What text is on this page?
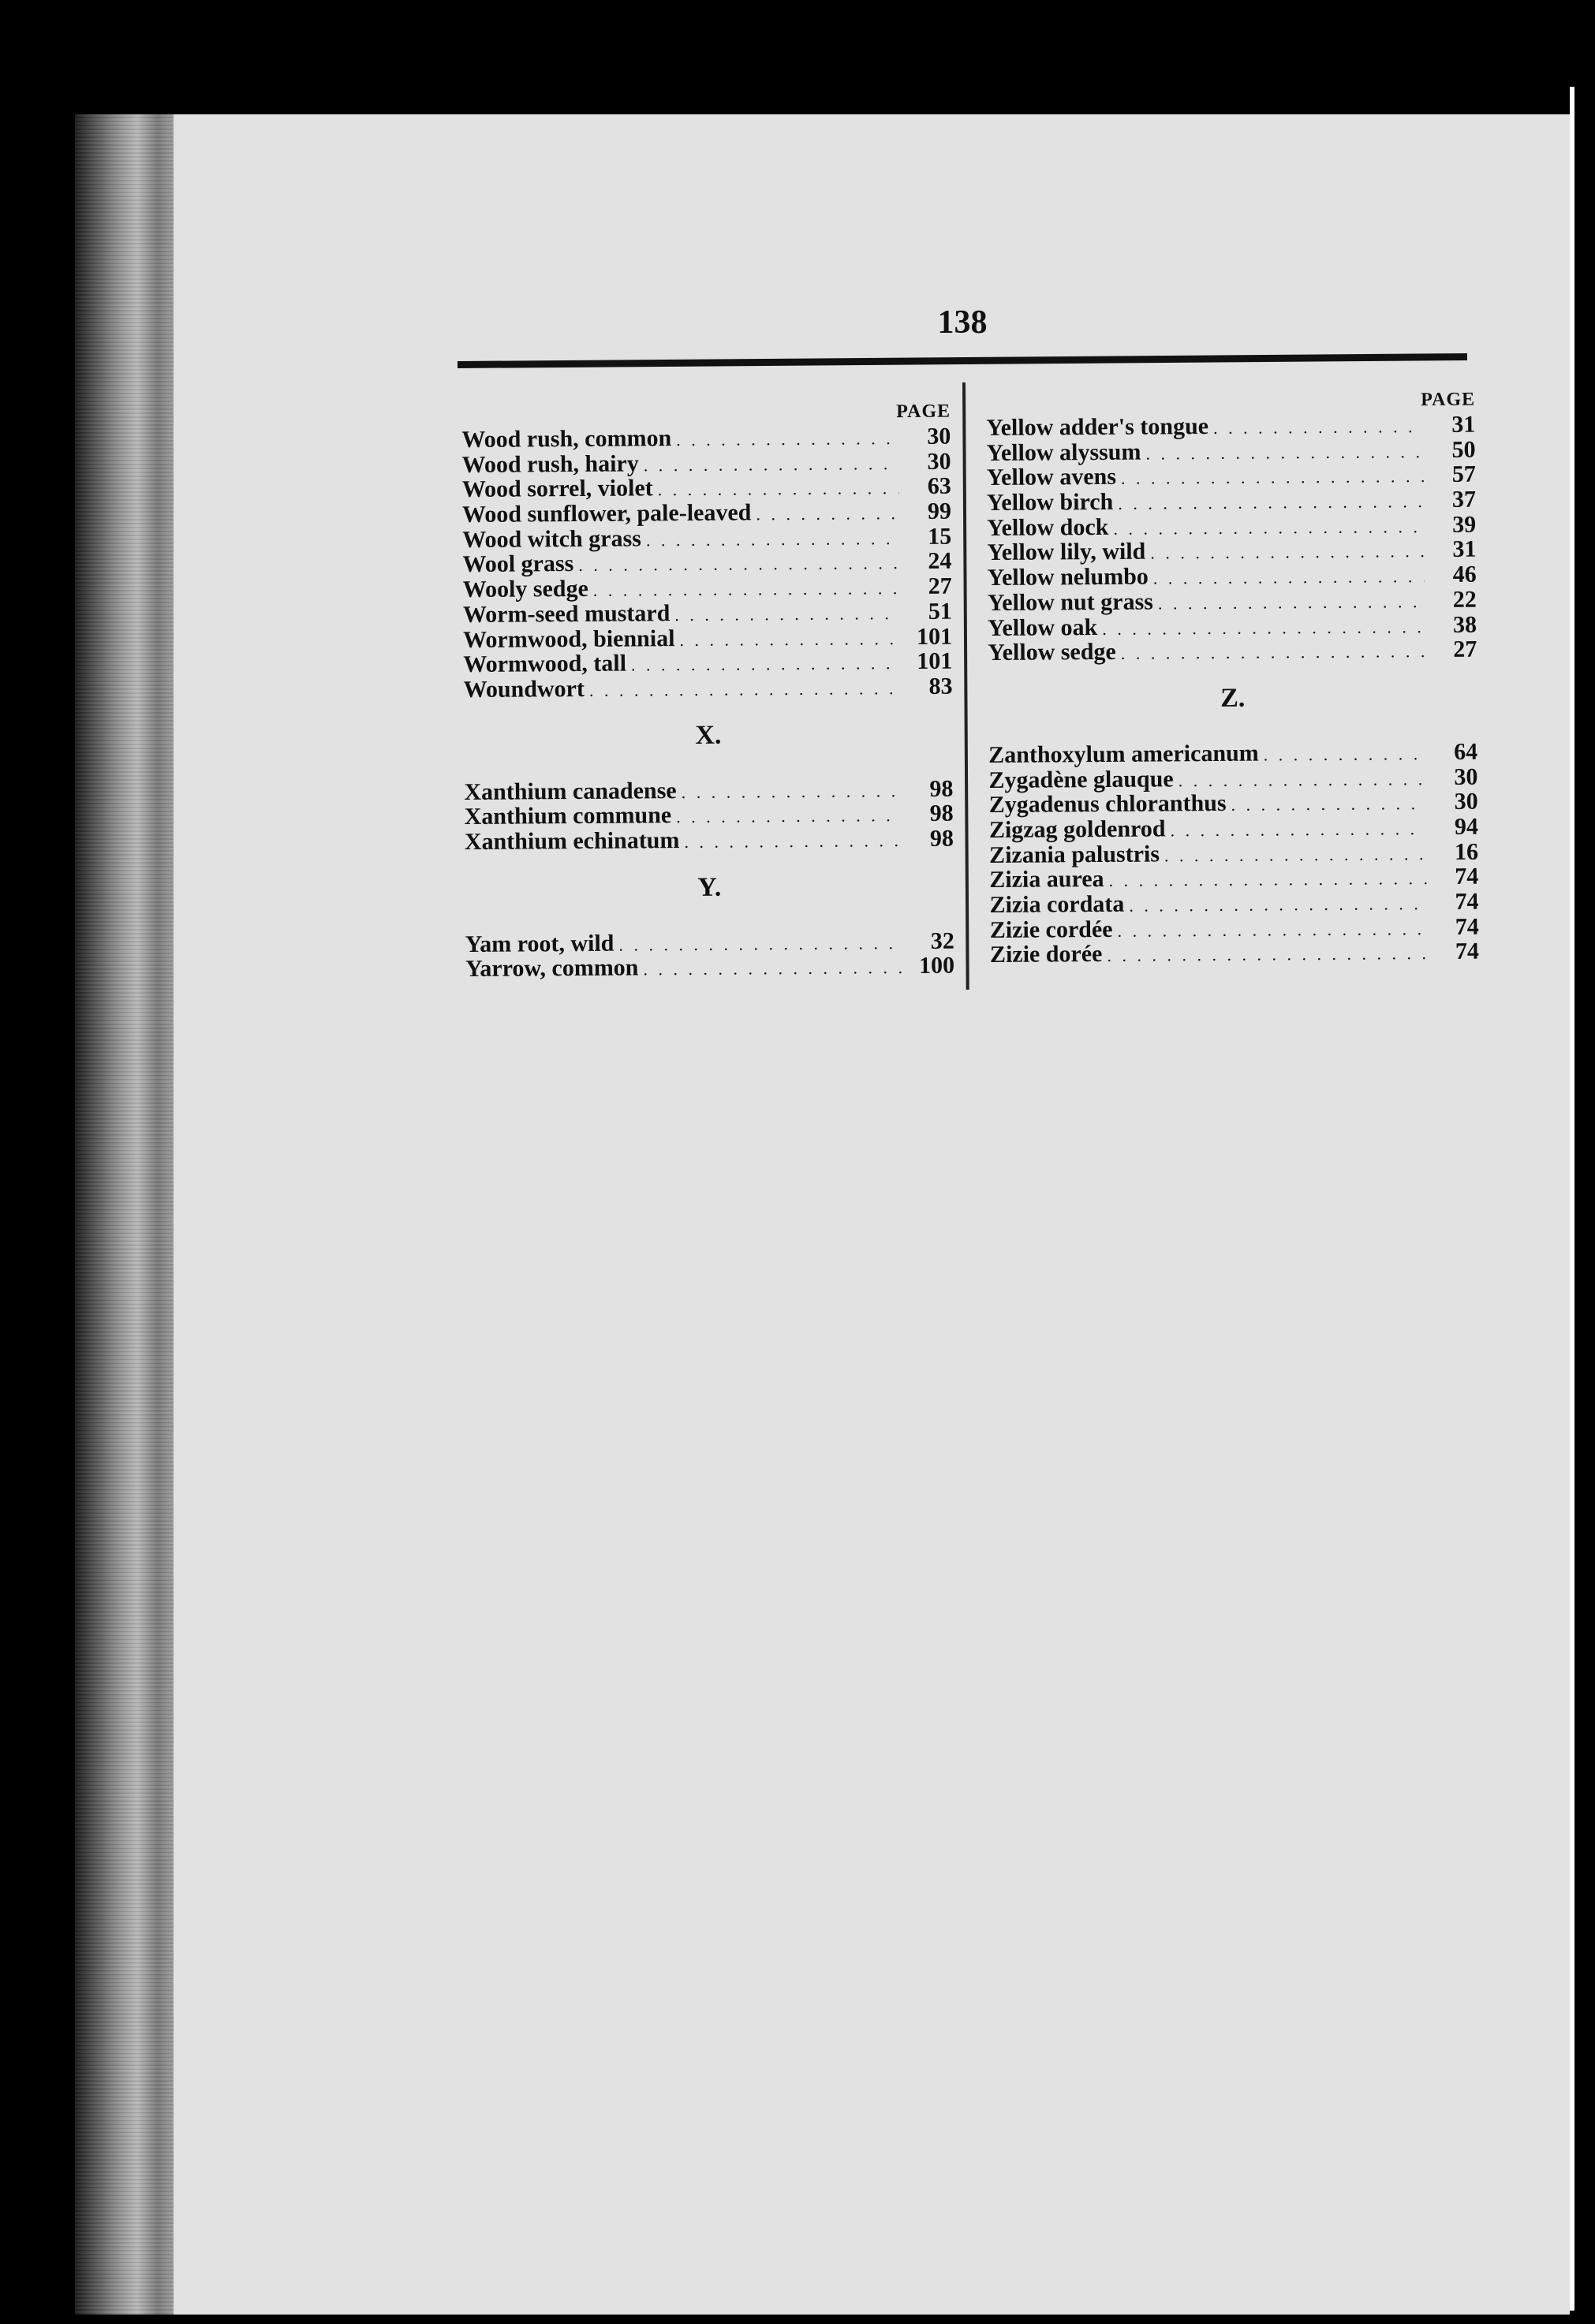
138
PAGE
Wood rush, common . . .	30
Wood rush, hairy . . .	30
Wood sorrel, violet . . .	63
Wood sunflower, pale-leaved . . .	99
Wood witch grass . . .	15
Wool grass . . .	24
Wooly sedge . . .	27
Worm-seed mustard . . .	51
Wormwood, biennial . . .	101
Wormwood, tall . . .	101
Woundwort . . .	83
X.
Xanthium canadense . . .	98
Xanthium commune . . .	98
Xanthium echinatum . . .	98
Y.
Yam root, wild . . .	32
Yarrow, common . . .	100
PAGE
Yellow adder's tongue . . .	31
Yellow alyssum . . .	50
Yellow avens . . .	57
Yellow birch . . .	37
Yellow dock . . .	39
Yellow lily, wild . . .	31
Yellow nelumbo . . .	46
Yellow nut grass . . .	22
Yellow oak . . .	38
Yellow sedge . . .	27
Z.
Zanthoxylum americanum . . .	64
Zygadène glauque . . .	30
Zygadenus chloranthus . . .	30
Zigzag goldenrod . . .	94
Zizania palustris . . .	16
Zizia aurea . . .	74
Zizia cordata . . .	74
Zizie cordée . . .	74
Zizie dorée . . .	74
